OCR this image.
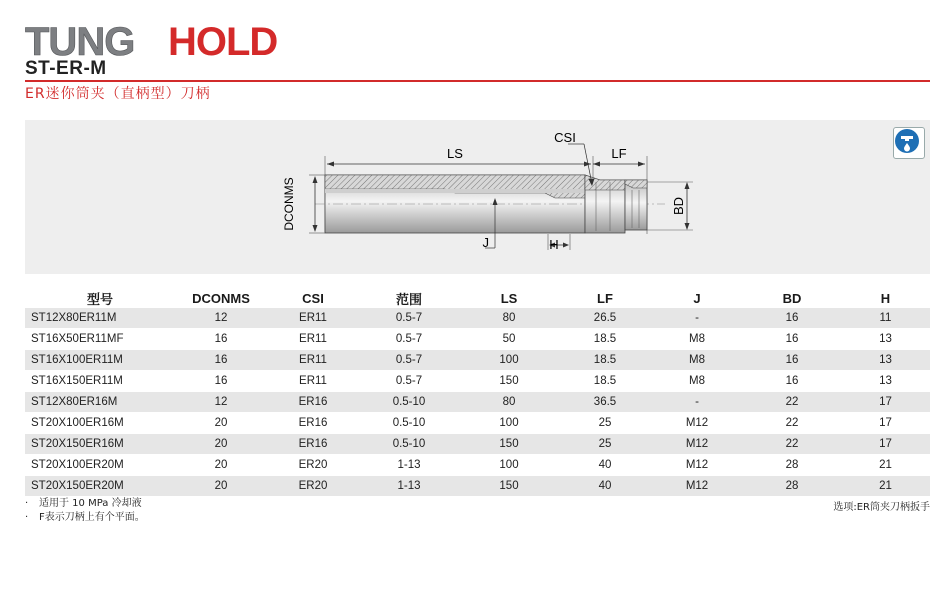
TUNG HOLD
ST-ER-M
ER迷你筒夹（直柄型）刀柄
LS
CSI
LF
DCONMS	BD
J	H
型号	DCONMS	CSI	范围	LS	LF	J	BD	H
ST12X80ER11M	12	ER11	0.5-7	80	26.5	-	16	11
ST16X50ER11MF	16	ER11	0.5-7	50	18.5	M8	16	13
ST16X100ER11M	16	ER11	0.5-7	100	18.5	M8	16	13
ST16X150ER11M	16	ER11	0.5-7	150	18.5	M8	16	13
ST12X80ER16M	12	ER16	0.5-10	80	36.5	-	22	17
ST20X100ER16M	20	ER16	0.5-10	100	25	M12	22	17
ST20X150ER16M	20	ER16	0.5-10	150	25	M12	22	17
ST20X100ER20M	20	ER20	1-13	100	40	M12	28	21
ST20X150ER20M	20	ER20	1-13	150	40	M12	28	21
· 适用于 10 MPa 冷却液
· F表示刀柄上有个平面。
选项:ER筒夹刀柄扳手
